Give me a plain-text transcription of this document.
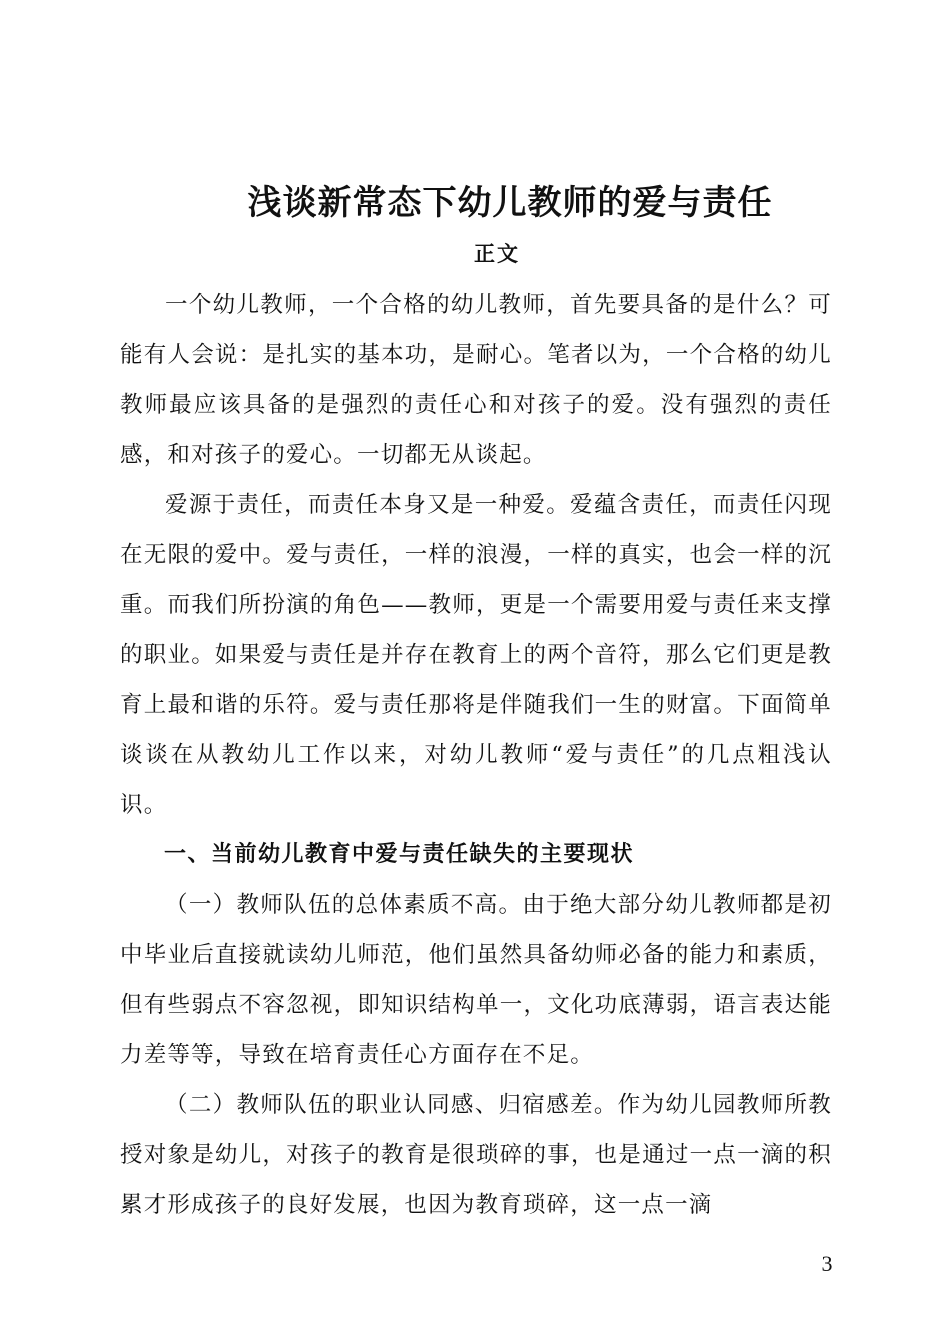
浅谈新常态下幼儿教师的爱与责任
正文

一个幼儿教师，一个合格的幼儿教师，首先要具备的是什么？可能有人会说：是扎实的基本功，是耐心。笔者以为，一个合格的幼儿教师最应该具备的是强烈的责任心和对孩子的爱。没有强烈的责任感，和对孩子的爱心。一切都无从谈起。

爱源于责任，而责任本身又是一种爱。爱蕴含责任，而责任闪现在无限的爱中。爱与责任，一样的浪漫，一样的真实，也会一样的沉重。而我们所扮演的角色——教师，更是一个需要用爱与责任来支撑的职业。如果爱与责任是并存在教育上的两个音符，那么它们更是教育上最和谐的乐符。爱与责任那将是伴随我们一生的财富。下面简单谈谈在从教幼儿工作以来，对幼儿教师“爱与责任”的几点粗浅认识。

一、当前幼儿教育中爱与责任缺失的主要现状

（一）教师队伍的总体素质不高。由于绝大部分幼儿教师都是初中毕业后直接就读幼儿师范，他们虽然具备幼师必备的能力和素质，但有些弱点不容忽视，即知识结构单一，文化功底薄弱，语言表达能力差等等，导致在培育责任心方面存在不足。

（二）教师队伍的职业认同感、归宿感差。作为幼儿园教师所教授对象是幼儿，对孩子的教育是很琐碎的事，也是通过一点一滴的积累才形成孩子的良好发展，也因为教育琐碎，这一点一滴

3
